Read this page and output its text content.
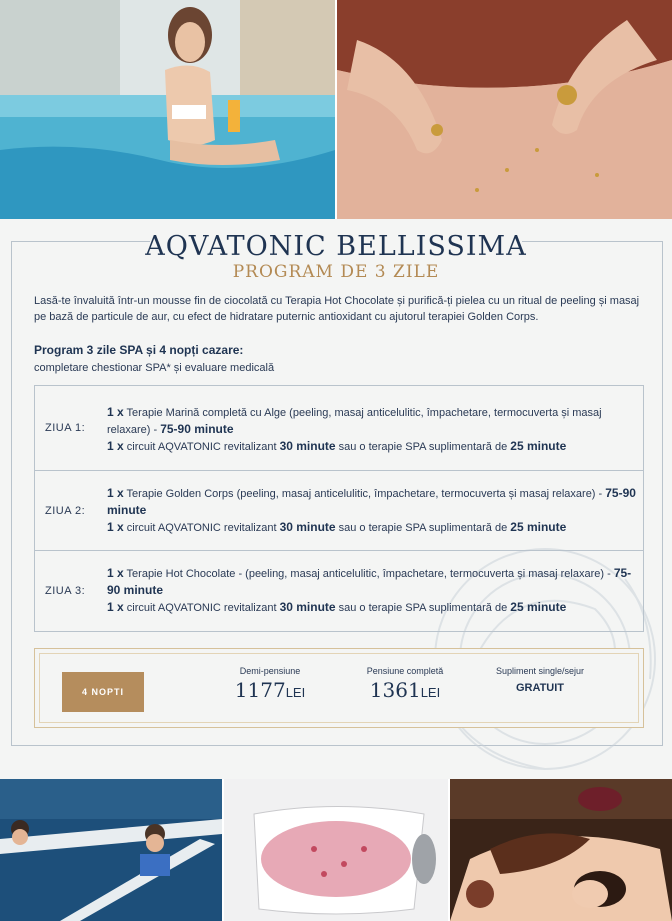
AQVATONIC BELLISSIMA
PROGRAM DE 3 ZILE
Lasă-te învaluită într-un mousse fin de ciocolată cu Terapia Hot Chocolate și purifică-ți pielea cu un ritual de peeling și masaj pe bază de particule de aur, cu efect de hidratare puternic antioxidant cu ajutorul terapiei Golden Corps.
Program 3 zile SPA și 4 nopți cazare:
completare chestionar SPA* și evaluare medicală
ZIUA 1:
1 x Terapie Marină completă cu Alge (peeling, masaj anticelulitic, împachetare, termocuverta și masaj relaxare) - 75-90 minute
1 x circuit AQVATONIC revitalizant 30 minute sau o terapie SPA suplimentară de 25 minute
ZIUA 2:
1 x Terapie Golden Corps (peeling, masaj anticelulitic, împachetare, termocuverta și masaj relaxare) - 75-90 minute
1 x circuit AQVATONIC revitalizant 30 minute sau o terapie SPA suplimentară de 25 minute
ZIUA 3:
1 x Terapie Hot Chocolate - (peeling, masaj anticelulitic, împachetare, termocuverta și masaj relaxare) - 75-90 minute
1 x circuit AQVATONIC revitalizant 30 minute sau o terapie SPA suplimentară de 25 minute
4 NOPTI
Demi-pensiune
1177LEI
Pensiune completă
1361LEI
Supliment single/sejur
GRATUIT
